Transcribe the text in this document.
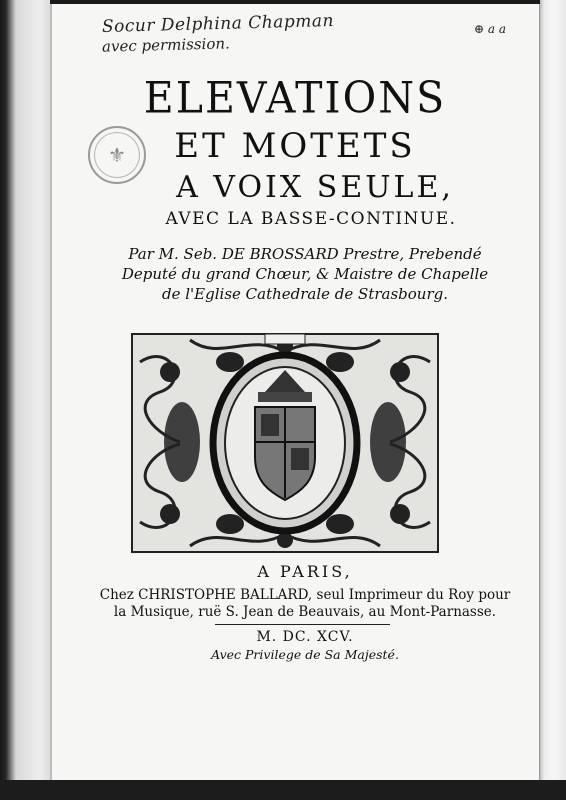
Socur Delphina Chapman
avec permission.
⊕ a a
⚜
ELEVATIONS
ET MOTETS
A VOIX SEULE,
AVEC LA BASSE-CONTINUE.
Par M. Seb. DE BROSSARD Prestre, Prebendé
Deputé du grand Chœur, & Maistre de Chapelle
de l'Eglise Cathedrale de Strasbourg.
A PARIS,
Chez CHRISTOPHE BALLARD, seul Imprimeur du Roy pour
la Musique, ruë S. Jean de Beauvais, au Mont-Parnasse.
M. DC. XCV.
Avec Privilege de Sa Majesté.
